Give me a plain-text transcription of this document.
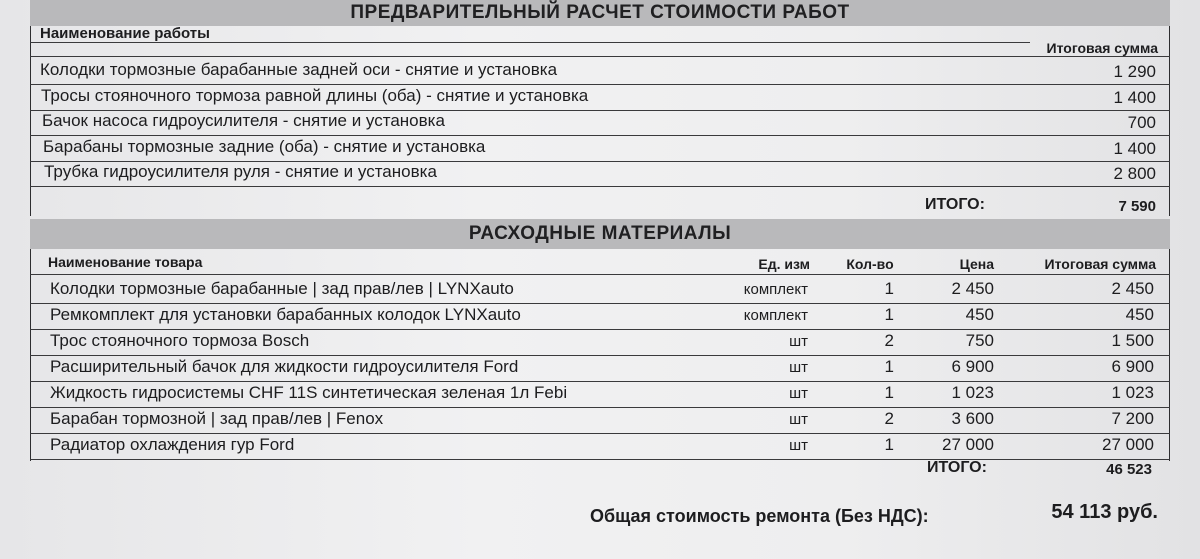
ПРЕДВАРИТЕЛЬНЫЙ РАСЧЕТ СТОИМОСТИ РАБОТ
Наименование работы
Итоговая сумма
Колодки тормозные барабанные задней оси - снятие и установка	1 290
Тросы стояночного тормоза равной длины (оба) - снятие и установка	1 400
Бачок насоса гидроусилителя - снятие и установка	700
Барабаны тормозные задние (оба) - снятие и установка	1 400
Трубка гидроусилителя руля - снятие и установка	2 800
ИТОГО:	7 590
РАСХОДНЫЕ МАТЕРИАЛЫ
Наименование товара	Ед. изм	Кол-во	Цена	Итоговая сумма
Колодки тормозные барабанные | зад прав/лев | LYNXauto	комплект	1	2 450	2 450
Ремкомплект для установки барабанных колодок LYNXauto	комплект	1	450	450
Трос стояночного тормоза Bosch	шт	2	750	1 500
Расширительный бачок для жидкости гидроусилителя Ford	шт	1	6 900	6 900
Жидкость гидросистемы CHF 11S синтетическая зеленая 1л Febi	шт	1	1 023	1 023
Барабан тормозной | зад прав/лев | Fenox	шт	2	3 600	7 200
Радиатор охлаждения гур Ford	шт	1	27 000	27 000
ИТОГО:	46 523
Общая стоимость ремонта (Без НДС):	54 113 руб.
